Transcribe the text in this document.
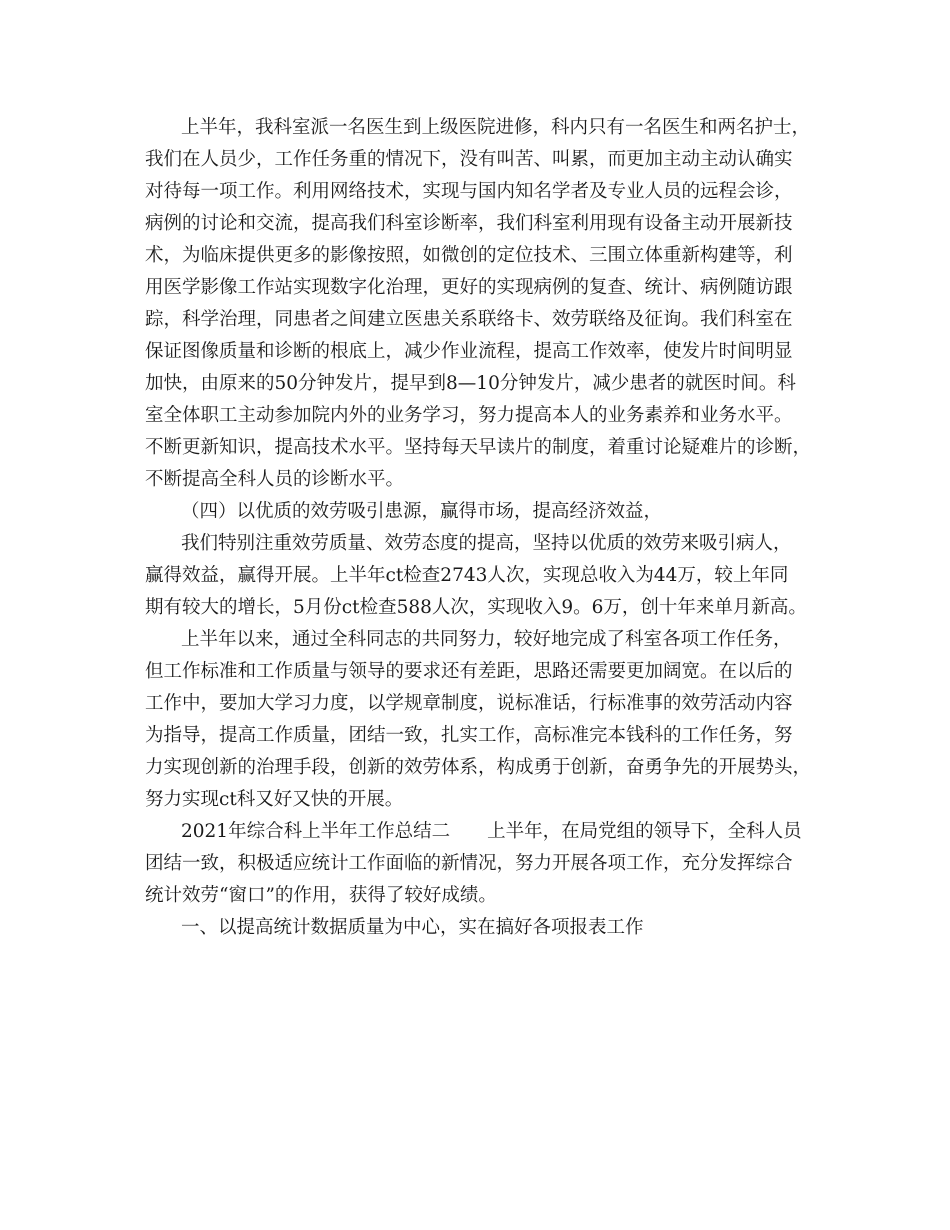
上半年，我科室派一名医生到上级医院进修，科内只有一名医生和两名护士，
我们在人员少，工作任务重的情况下，没有叫苦、叫累，而更加主动主动认确实
对待每一项工作。利用网络技术，实现与国内知名学者及专业人员的远程会诊，
病例的讨论和交流，提高我们科室诊断率，我们科室利用现有设备主动开展新技
术，为临床提供更多的影像按照，如微创的定位技术、三围立体重新构建等，利
用医学影像工作站实现数字化治理，更好的实现病例的复查、统计、病例随访跟
踪，科学治理，同患者之间建立医患关系联络卡、效劳联络及征询。我们科室在
保证图像质量和诊断的根底上，减少作业流程，提高工作效率，使发片时间明显
加快，由原来的50分钟发片，提早到8—10分钟发片，减少患者的就医时间。科
室全体职工主动参加院内外的业务学习，努力提高本人的业务素养和业务水平。
不断更新知识，提高技术水平。坚持每天早读片的制度，着重讨论疑难片的诊断，
不断提高全科人员的诊断水平。
（四）以优质的效劳吸引患源，赢得市场，提高经济效益，
我们特别注重效劳质量、效劳态度的提高，坚持以优质的效劳来吸引病人，
赢得效益，赢得开展。上半年ct检查2743人次，实现总收入为44万，较上年同
期有较大的增长，5月份ct检查588人次，实现收入9。6万，创十年来单月新高。
上半年以来，通过全科同志的共同努力，较好地完成了科室各项工作任务，
但工作标准和工作质量与领导的要求还有差距，思路还需要更加阔宽。在以后的
工作中，要加大学习力度，以学规章制度，说标准话，行标准事的效劳活动内容
为指导，提高工作质量，团结一致，扎实工作，高标准完本钱科的工作任务，努
力实现创新的治理手段，创新的效劳体系，构成勇于创新，奋勇争先的开展势头，
努力实现ct科又好又快的开展。
2021年综合科上半年工作总结二　　上半年，在局党组的领导下，全科人员
团结一致，积极适应统计工作面临的新情况，努力开展各项工作，充分发挥综合
统计效劳“窗口”的作用，获得了较好成绩。
一、以提高统计数据质量为中心，实在搞好各项报表工作
